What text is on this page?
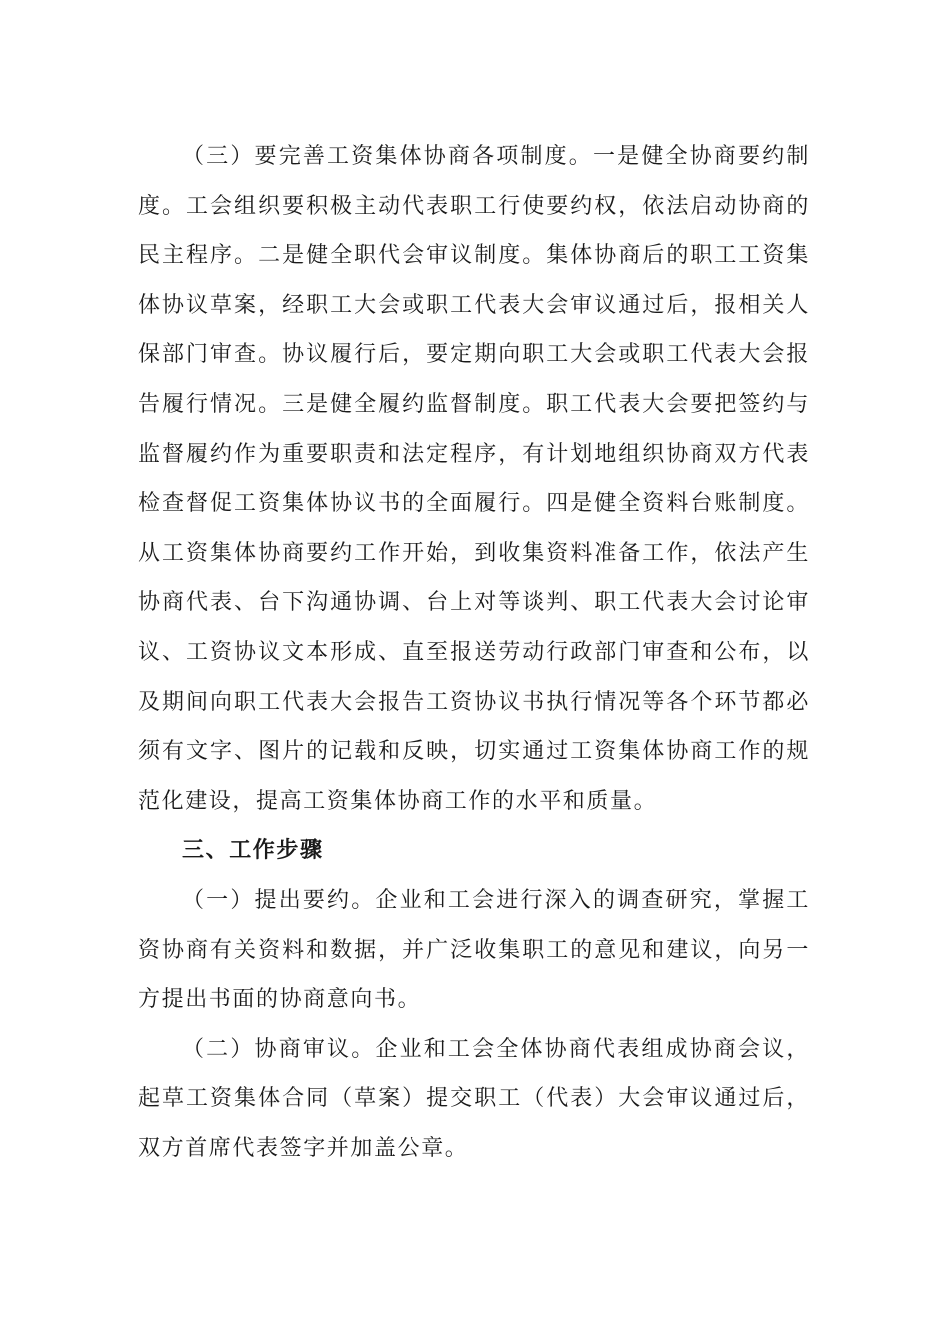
（三）要完善工资集体协商各项制度。一是健全协商要约制度。工会组织要积极主动代表职工行使要约权，依法启动协商的民主程序。二是健全职代会审议制度。集体协商后的职工工资集体协议草案，经职工大会或职工代表大会审议通过后，报相关人保部门审查。协议履行后，要定期向职工大会或职工代表大会报告履行情况。三是健全履约监督制度。职工代表大会要把签约与监督履约作为重要职责和法定程序，有计划地组织协商双方代表检查督促工资集体协议书的全面履行。四是健全资料台账制度。从工资集体协商要约工作开始，到收集资料准备工作，依法产生协商代表、台下沟通协调、台上对等谈判、职工代表大会讨论审议、工资协议文本形成、直至报送劳动行政部门审查和公布，以及期间向职工代表大会报告工资协议书执行情况等各个环节都必须有文字、图片的记载和反映，切实通过工资集体协商工作的规范化建设，提高工资集体协商工作的水平和质量。

三、工作步骤

（一）提出要约。企业和工会进行深入的调查研究，掌握工资协商有关资料和数据，并广泛收集职工的意见和建议，向另一方提出书面的协商意向书。

（二）协商审议。企业和工会全体协商代表组成协商会议，起草工资集体合同（草案）提交职工（代表）大会审议通过后，双方首席代表签字并加盖公章。
